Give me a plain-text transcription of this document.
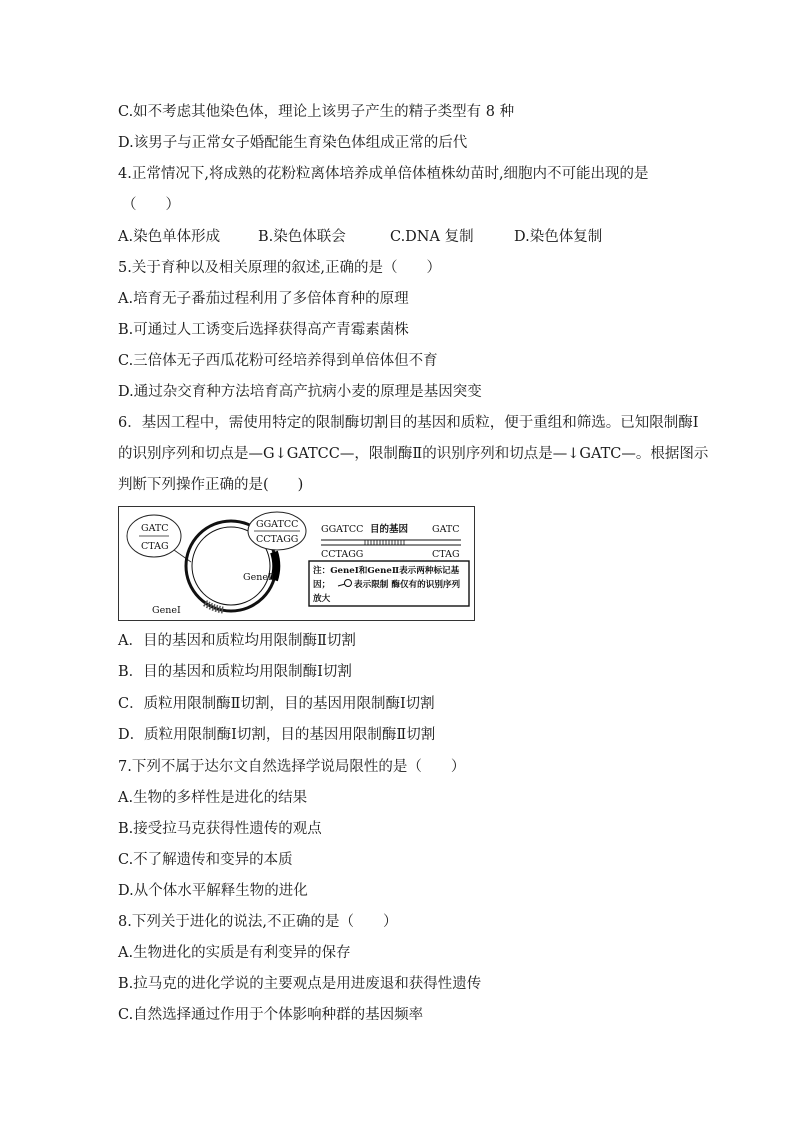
C.如不考虑其他染色体，理论上该男子产生的精子类型有 8 种
D.该男子与正常女子婚配能生育染色体组成正常的后代
4.正常情况下,将成熟的花粉粒离体培养成单倍体植株幼苗时,细胞内不可能出现的是
（　　）
A.染色单体形成	B.染色体联会	C.DNA 复制	D.染色体复制
5.关于育种以及相关原理的叙述,正确的是（　　）
A.培育无子番茄过程利用了多倍体育种的原理
B.可通过人工诱变后选择获得高产青霉素菌株
C.三倍体无子西瓜花粉可经培养得到单倍体但不育
D.通过杂交育种方法培育高产抗病小麦的原理是基因突变
6．基因工程中，需使用特定的限制酶切割目的基因和质粒，便于重组和筛选。已知限制酶Ⅰ
的识别序列和切点是—G↓GATCC—，限制酶Ⅱ的识别序列和切点是—↓GATC—。根据图示
判断下列操作正确的是(　　)
GATC
CTAG
GeneⅠ
GeneⅡ
GGATCC
CCTAGG
GGATCC 目的基因	GATC
CCTAGG	CTAG
注：GeneⅠ和GeneⅡ表示两种标记基
因；	表示限制 酶仅有的识别序列
放大
A．目的基因和质粒均用限制酶Ⅱ切割
B．目的基因和质粒均用限制酶Ⅰ切割
C．质粒用限制酶Ⅱ切割，目的基因用限制酶Ⅰ切割
D．质粒用限制酶Ⅰ切割，目的基因用限制酶Ⅱ切割
7.下列不属于达尔文自然选择学说局限性的是（　　）
A.生物的多样性是进化的结果
B.接受拉马克获得性遗传的观点
C.不了解遗传和变异的本质
D.从个体水平解释生物的进化
8.下列关于进化的说法,不正确的是（　　）
A.生物进化的实质是有利变异的保存
B.拉马克的进化学说的主要观点是用进废退和获得性遗传
C.自然选择通过作用于个体影响种群的基因频率
